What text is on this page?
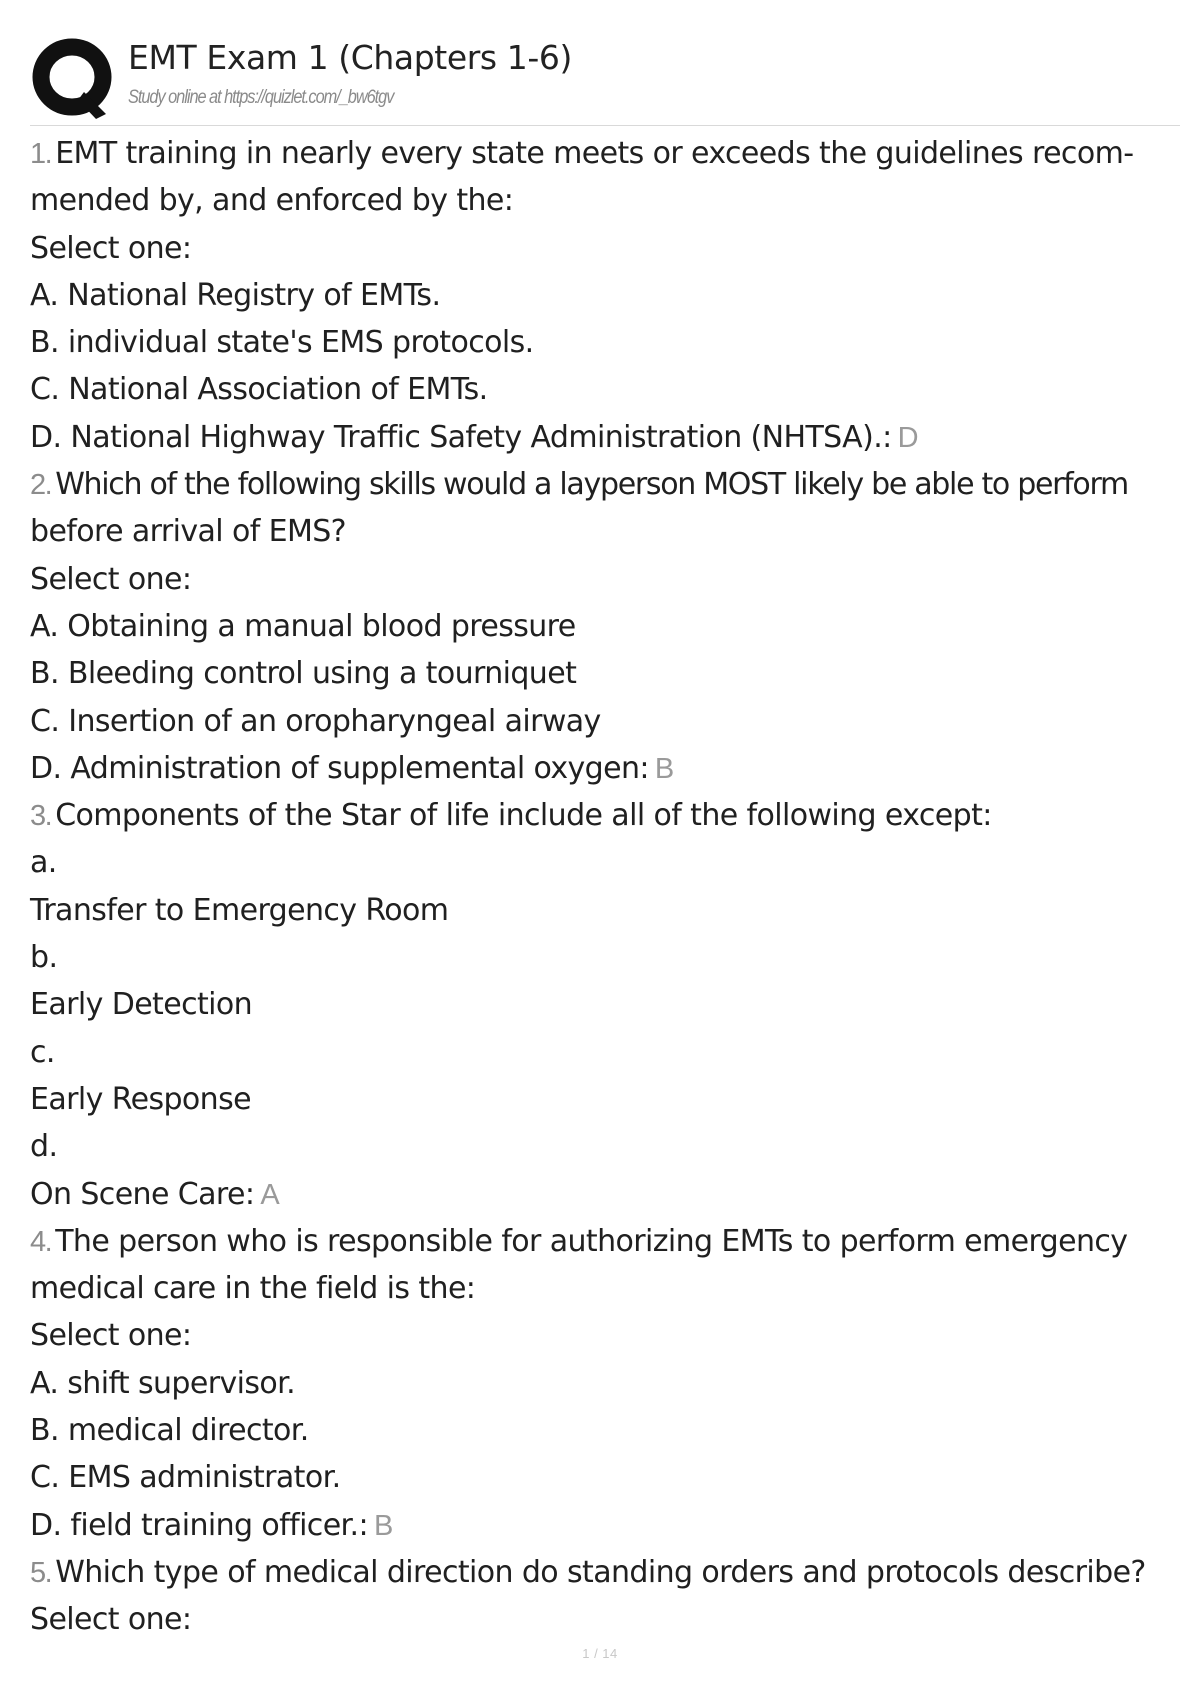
EMT Exam 1 (Chapters 1-6)
Study online at https://quizlet.com/_bw6tgv
1. EMT training in nearly every state meets or exceeds the guidelines recom-
mended by, and enforced by the:
Select one:
A. National Registry of EMTs.
B. individual state's EMS protocols.
C. National Association of EMTs.
D. National Highway Traffic Safety Administration (NHTSA).: D
2. Which of the following skills would a layperson MOST likely be able to perform
before arrival of EMS?
Select one:
A. Obtaining a manual blood pressure
B. Bleeding control using a tourniquet
C. Insertion of an oropharyngeal airway
D. Administration of supplemental oxygen: B
3. Components of the Star of life include all of the following except:
a.
Transfer to Emergency Room
b.
Early Detection
c.
Early Response
d.
On Scene Care: A
4. The person who is responsible for authorizing EMTs to perform emergency
medical care in the field is the:
Select one:
A. shift supervisor.
B. medical director.
C. EMS administrator.
D. field training officer.: B
5. Which type of medical direction do standing orders and protocols describe?
Select one:
1 / 14
